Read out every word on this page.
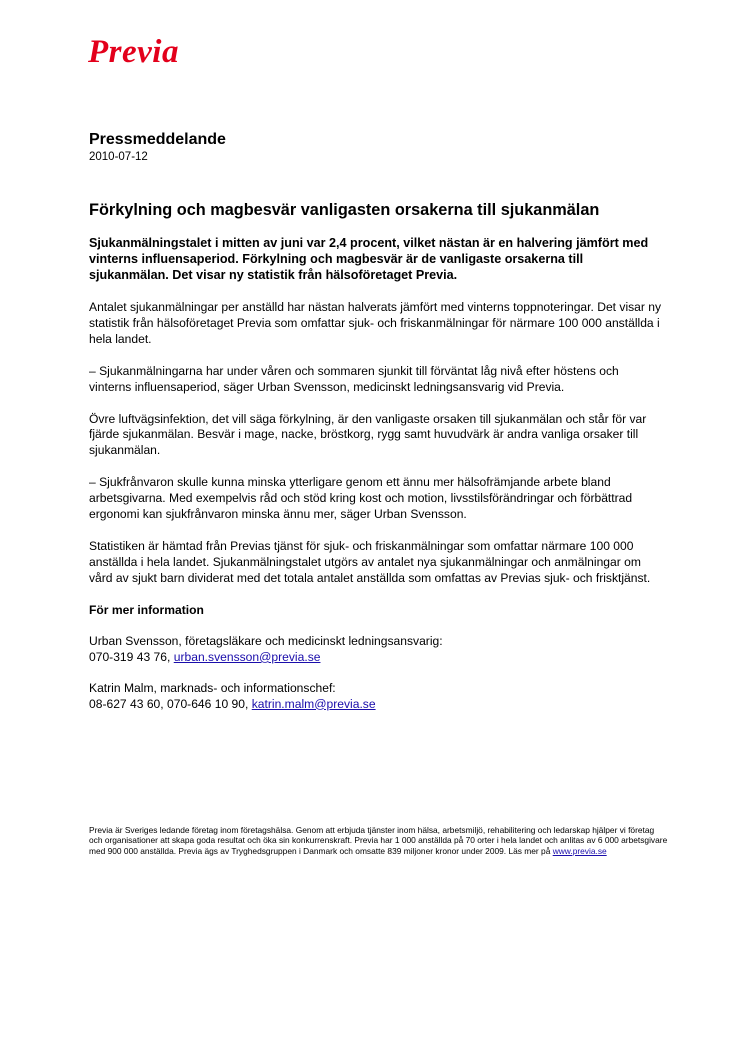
Previa
Pressmeddelande
2010-07-12
Förkylning och magbesvär vanligasten orsakerna till sjukanmälan

Sjukanmälningstalet i mitten av juni var 2,4 procent, vilket nästan är en halvering jämfört med vinterns influensaperiod. Förkylning och magbesvär är de vanligaste orsakerna till sjukanmälan. Det visar ny statistik från hälsoföretaget Previa.

Antalet sjukanmälningar per anställd har nästan halverats jämfört med vinterns toppnoteringar. Det visar ny statistik från hälsoföretaget Previa som omfattar sjuk- och friskanmälningar för närmare 100 000 anställda i hela landet.

– Sjukanmälningarna har under våren och sommaren sjunkit till förväntat låg nivå efter höstens och vinterns influensaperiod, säger Urban Svensson, medicinskt ledningsansvarig vid Previa.

Övre luftvägsinfektion, det vill säga förkylning, är den vanligaste orsaken till sjukanmälan och står för var fjärde sjukanmälan. Besvär i mage, nacke, bröstkorg, rygg samt huvudvärk är andra vanliga orsaker till sjukanmälan.

– Sjukfrånvaron skulle kunna minska ytterligare genom ett ännu mer hälsofrämjande arbete bland arbetsgivarna. Med exempelvis råd och stöd kring kost och motion, livsstilsförändringar och förbättrad ergonomi kan sjukfrånvaron minska ännu mer, säger Urban Svensson.

Statistiken är hämtad från Previas tjänst för sjuk- och friskanmälningar som omfattar närmare 100 000 anställda i hela landet. Sjukanmälningstalet utgörs av antalet nya sjukanmälningar och anmälningar om vård av sjukt barn dividerat med det totala antalet anställda som omfattas av Previas sjuk- och frisktjänst.

För mer information
Urban Svensson, företagsläkare och medicinskt ledningsansvarig:
070-319 43 76, urban.svensson@previa.se
Katrin Malm, marknads- och informationschef:
08-627 43 60, 070-646 10 90, katrin.malm@previa.se
Previa är Sveriges ledande företag inom företagshälsa. Genom att erbjuda tjänster inom hälsa, arbetsmiljö, rehabilitering och ledarskap hjälper vi företag och organisationer att skapa goda resultat och öka sin konkurrenskraft. Previa har 1 000 anställda på 70 orter i hela landet och anlitas av 6 000 arbetsgivare med 900 000 anställda. Previa ägs av Tryghedsgruppen i Danmark och omsatte 839 miljoner kronor under 2009. Läs mer på www.previa.se
